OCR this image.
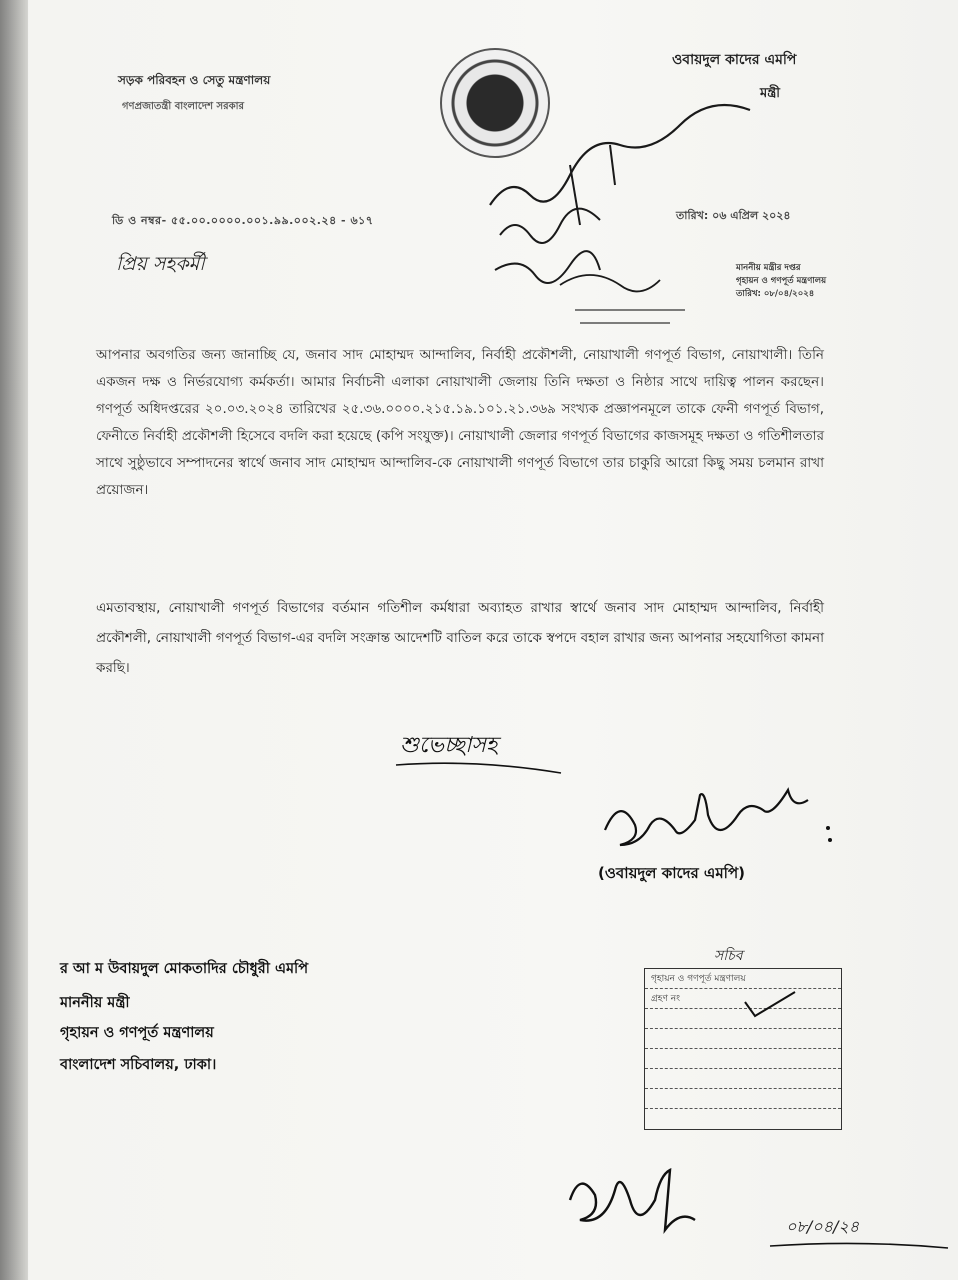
সড়ক পরিবহন ও সেতু মন্ত্রণালয়
গণপ্রজাতন্ত্রী বাংলাদেশ সরকার
ওবায়দুল কাদের এমপি
মন্ত্রী
ডি ও নম্বর- ৫৫.০০.০০০০.০০১.৯৯.০০২.২৪ - ৬১৭	তারিখ: ০৬ এপ্রিল ২০২৪
প্রিয় সহকর্মী	মাননীয় মন্ত্রীর দপ্তর
গৃহায়ন ও গণপূর্ত মন্ত্রণালয়
তারিখ: ০৮/০৪/২০২৪
আপনার অবগতির জন্য জানাচ্ছি যে, জনাব সাদ মোহাম্মদ আন্দালিব, নির্বাহী প্রকৌশলী, নোয়াখালী গণপূর্ত বিভাগ, নোয়াখালী। তিনি একজন দক্ষ ও নির্ভরযোগ্য কর্মকর্তা। আমার নির্বাচনী এলাকা নোয়াখালী জেলায় তিনি দক্ষতা ও নিষ্ঠার সাথে দায়িত্ব পালন করছেন। গণপূর্ত অধিদপ্তরের ২০.০৩.২০২৪ তারিখের ২৫.৩৬.০০০০.২১৫.১৯.১০১.২১.৩৬৯ সংখ্যক প্রজ্ঞাপনমূলে তাকে ফেনী গণপূর্ত বিভাগ, ফেনীতে নির্বাহী প্রকৌশলী হিসেবে বদলি করা হয়েছে (কপি সংযুক্ত)। নোয়াখালী জেলার গণপূর্ত বিভাগের কাজসমূহ দক্ষতা ও গতিশীলতার সাথে সুষ্ঠুভাবে সম্পাদনের স্বার্থে জনাব সাদ মোহাম্মদ আন্দালিব-কে নোয়াখালী গণপূর্ত বিভাগে তার চাকুরি আরো কিছু সময় চলমান রাখা প্রয়োজন।
এমতাবস্থায়, নোয়াখালী গণপূর্ত বিভাগের বর্তমান গতিশীল কর্মধারা অব্যাহত রাখার স্বার্থে জনাব সাদ মোহাম্মদ আন্দালিব, নির্বাহী প্রকৌশলী, নোয়াখালী গণপূর্ত বিভাগ-এর বদলি সংক্রান্ত আদেশটি বাতিল করে তাকে স্বপদে বহাল রাখার জন্য আপনার সহযোগিতা কামনা করছি।
শুভেচ্ছাসহ
(ওবায়দুল কাদের এমপি)
র আ ম উবায়দুল মোকতাদির চৌধুরী এমপি
মাননীয় মন্ত্রী
গৃহায়ন ও গণপূর্ত মন্ত্রণালয়
বাংলাদেশ সচিবালয়, ঢাকা।
সচিব
গৃহায়ন ও গণপূর্ত মন্ত্রণালয়
গ্রহণ নং
০৮/০৪/২৪
